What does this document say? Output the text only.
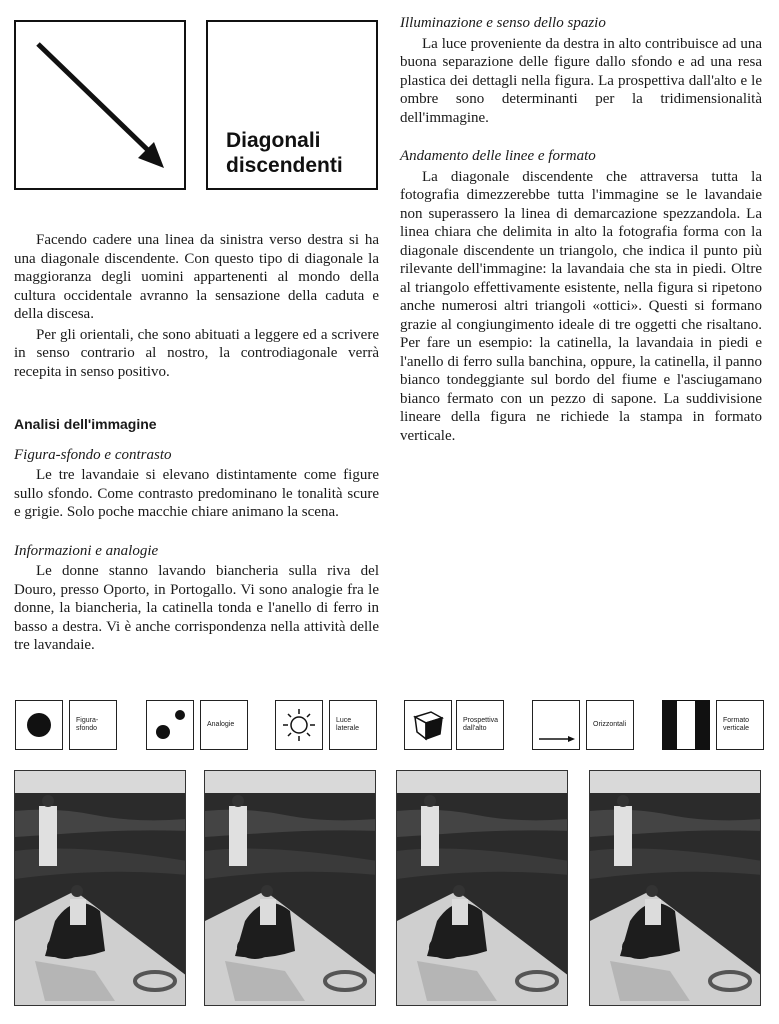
Diagonali
discendenti

Facendo cadere una linea da sinistra verso destra si ha una diagonale discendente. Con questo tipo di diagonale la maggioranza degli uomini appartenenti al mondo della cultura occidentale avranno la sensazione della caduta e della discesa.

Per gli orientali, che sono abituati a leggere ed a scrivere in senso contrario al nostro, la controdiagonale verrà recepita in senso positivo.

Analisi dell'immagine
Figura-sfondo e contrasto

Le tre lavandaie si elevano distintamente come figure sullo sfondo. Come contrasto predominano le tonalità scure e grigie. Solo poche macchie chiare animano la scena.

Informazioni e analogie

Le donne stanno lavando biancheria sulla riva del Douro, presso Oporto, in Portogallo. Vi sono analogie fra le donne, la biancheria, la catinella tonda e l'anello di ferro in basso a destra. Vi è anche corrispondenza nella attività delle tre lavandaie.

Illuminazione e senso dello spazio

La luce proveniente da destra in alto contribuisce ad una buona separazione delle figure dallo sfondo e ad una resa plastica dei dettagli nella figura. La prospettiva dall'alto e le ombre sono determinanti per la tridimensionalità dell'immagine.

Andamento delle linee e formato

La diagonale discendente che attraversa tutta la fotografia dimezzerebbe tutta l'immagine se le lavandaie non superassero la linea di demarcazione spezzandola. La linea chiara che delimita in alto la fotografia forma con la diagonale discendente un triangolo, che indica il punto più rilevante dell'immagine: la lavandaia che sta in piedi. Oltre al triangolo effettivamente esistente, nella figura si ripetono anche numerosi altri triangoli «ottici». Questi si formano grazie al congiungimento ideale di tre oggetti che risaltano. Per fare un esempio: la catinella, la lavandaia in piedi e l'anello di ferro sulla banchina, oppure, la catinella, il panno bianco tondeggiante sul bordo del fiume e l'asciugamano bianco fermato con un pezzo di sapone. La suddivisione lineare della figura ne richiede la stampa in formato verticale.

Figura-
sfondo
Analogie
Luce
laterale
Prospettiva
dall'alto
Orizzontali
Formato
verticale
